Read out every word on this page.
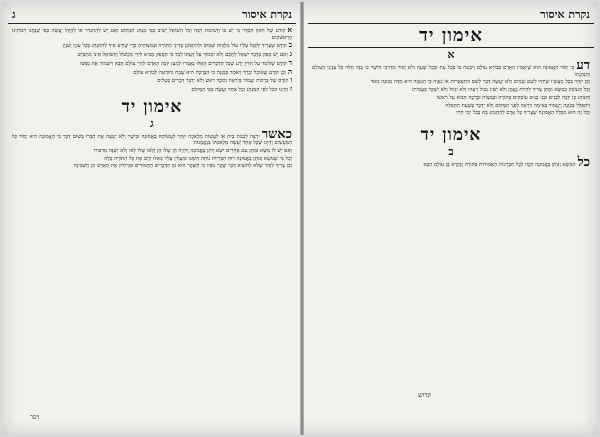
נקרת איסור
ג

אקודם שֶׁל תִּקּוּן הַסֵּדֶר כִּי יֵשׁ בּוֹ חֲשִׁיבוּת רַבָּה וְכָל הַשּׁוֹאֵל יָשִׁיב כְּפִי מִנְהַג הַמָּקוֹם וְאִם יֵשׁ לְהַחְמִיר אוֹ לְהָקֵל יַעֲשֶׂה כְּפִי שֶׁנָּהֲגוּ רַבּוֹתֵינוּ הָרִאשׁוֹנִים

בקוֹדֶם שֶׁצָּרִיךְ לְקַבֵּל עָלָיו עוֹל מַלְכוּת שָׁמַיִם וּלְהִתְבּוֹנֵן בְּדִינֵי הַתּוֹרָה וּבְמִצְוֹתֶיהָ כְּדֵי שֶׁיֵּדַע אֵיךְ לְהִתְנַהֵג בְּכָל עִנְיָן וְעִנְיָן

גוְאִם יֵשׁ סָפֵק בַּדָּבָר יִשְׁאַל לְחָכָם וְלֹא יִסְמוֹךְ עַל דַּעְתּוֹ לְבַד כִּי הַסָּפֵק מְבִיא לִידֵי מִכְשׁוֹל וְהַשּׁוֹאֵל אֵינוֹ מִתְבַּיֵּשׁ

דקוֹדֶם שֶׁלּוֹמֵד עַל הַדִּין יֵדַע שֶׁכָּל הַדְּבָרִים הָאֵלּוּ נֶאֶמְרוּ לְמַעַן יִזְכֶּה הָאָדָם לְחַיֵּי עוֹלָם הַבָּא וְיִשְׁמוֹר אֶת נַפְשׁוֹ

הוְכֵן קוֹדֶם שֶׁאוֹכֵל יְבָרֵךְ וְיֹאמַר בְּכַוָּנָה כִּי הַבְּרָכָה הִיא שֶׁבַח וְהוֹדָאָה לְבוֹרֵא עוֹלָם

וקוֹדֶם שֶׁל בְּרָכוֹת יַעֲמוֹד בְּיִרְאָה וְכוֹבֶד רֹאשׁ וְלֹא יְדַבֵּר דְּבָרִים בְּטֵלִים

זוְהַיְנוּ הַכֹּל לְפִי הַמִּנְהָג וְכָל אֶחָד יַעֲשֶׂה כְּפִי הַמָּקוֹם

אימון יד
ג

כאשריִרְצֶה לִבְנוֹת בַּיִת אוֹ לַעֲשׂוֹת מְלָאכָה יִזָּהֵר לַעֲשׂוֹתָהּ בֶּאֱמוּנָה וּבְיֹשֶׁר וְלֹא יַטְעֶה אֶת חֲבֵרוֹ בְּשׁוּם דָּבָר כִּי הָאֱמוּנָה הִיא יְסוֹד כָּל הַמַּעֲשִׂים וְהַיְנוּ שֶׁכָּל אֶחָד יַעֲשֶׂה מְלַאכְתּוֹ בְּנֶאֱמָנוּת

וְאִם יֵשׁ לוֹ מַשָּׂא וּמַתָּן עִם אֲחֵרִים יִשָּׂא וְיִתֵּן בֶּאֱמוּנָה וְיִהְיֶה הֵן שֶׁלּוֹ הֵן וְלָאו שֶׁלּוֹ לָאו וְלֹא יְשַׁנֶּה מִדִּבּוּרוֹ

וְכָל מִי שֶׁנּוֹשֵׂא וְנוֹתֵן בֶּאֱמוּנָה רוּחַ הַבְּרִיּוֹת נוֹחָה הֵימֶנּוּ וּמַעֲלִין עָלָיו כְּאִלּוּ קִיֵּם אֶת כָּל הַתּוֹרָה כֻּלָּהּ

וְכֵן צָרִיךְ לִזָּהֵר שֶׁלֹּא לְהוֹצִיא דָּבָר שֶׁקֶר מִפִּיו כִּי הַשֶּׁקֶר הוּא מִן הַדְּבָרִים הַחֲמוּרִים וּמַרְחִיק אֶת הָאָדָם מִן הַשְּׁכִינָה

ויסר
נקרת איסור
אימון יד
א

דעכִּי יְסוֹד הָאֱמוּנָה הוּא שֶׁיַּאֲמִין הָאָדָם בְּבוֹרֵא עוֹלָם וְיִבְטַח בּוֹ בְּכָל עֵת וּבְכָל שָׁעָה וְלֹא יָסוּר מִדַּרְכֵי הַיֹּשֶׁר כִּי בָּזֶה תָּלוּי כָּל עִנְיְנֵי הָעוֹלָם וְהַנְהָגָתוֹ

וְכֵן יִזָּהֵר בְּכָל מַעֲשָׂיו שֶׁיִּהְיוּ לְשֵׁם שָׁמַיִם וְלֹא יַעֲשֶׂה דָּבָר לְשֵׁם הִתְפָּאֲרוּת אוֹ גַּאֲוָה כִּי הַגַּאֲוָה הִיא מִדָּה מְגוּנָּה מְאֹד

וְכָל הָעוֹסֵק בְּמַשָּׂא וּמַתָּן צָרִיךְ לִהְיוֹת נֶאֱמָן וְלֹא יַשִּׂיג גְּבוּל רֵעֵהוּ וְלֹא יִגְזוֹל וְלֹא יְשַׁקֵּר בַּעֲמִיתוֹ

וְהַנּוֹהֵג כֵּן יִזְכֶּה לְבָנִים וּבְנֵי בָנִים עוֹסְקִים בַּתּוֹרָה וּבַמִּצְוֹת וּבְרָכָה תָּבוֹא עַל רֹאשׁוֹ

וְיִתְפַּלֵּל בְּכַוָּנָה וְיַעֲמוֹד בְּאֵימָה וְיִרְאָה לִפְנֵי הַמָּקוֹם וְלֹא יְדַבֵּר בְּשָׁעַת הַתְּפִלָּה

וְכָל זֶה הוּא מִכְּלַל הָאֱמוּנָה שֶׁצָּרִיךְ כָּל אָדָם לְהִתְנַהֵג בָּהּ בְּכָל יְמֵי חַיָּיו

אימון יד
ב

כלהַנּוֹשֵׂא וְנוֹתֵן בֶּאֱמוּנָה זוֹכֶה לְכָל הַבְּרָכוֹת הָאֲמוּרוֹת בַּתּוֹרָה וְנִקְרָא בֶּן עוֹלָם הַבָּא

קדוש
